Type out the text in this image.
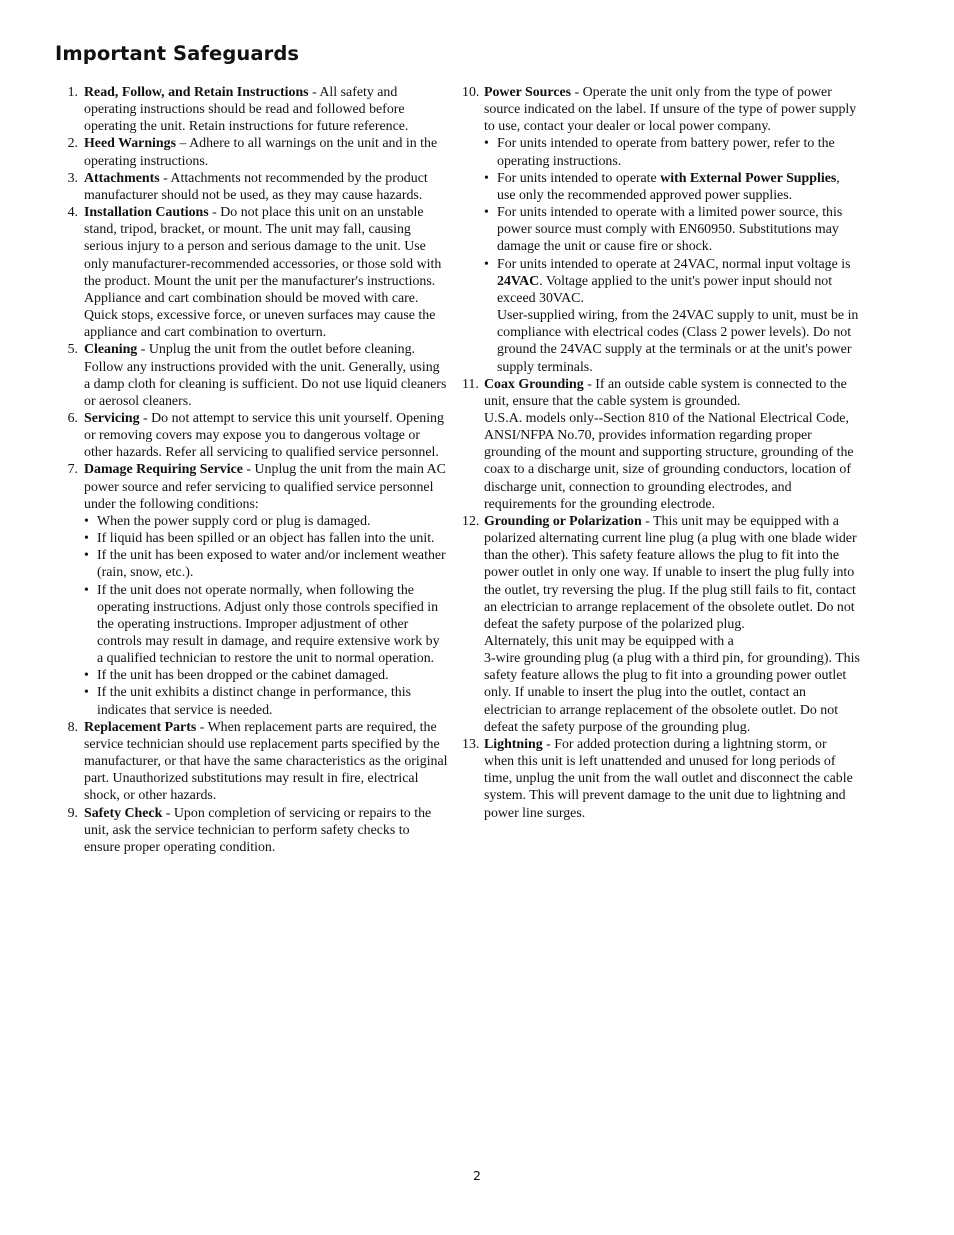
Important Safeguards
1. Read, Follow, and Retain Instructions - All safety and operating instructions should be read and followed before operating the unit. Retain instructions for future reference.
2. Heed Warnings – Adhere to all warnings on the unit and in the operating instructions.
3. Attachments - Attachments not recommended by the product manufacturer should not be used, as they may cause hazards.
4. Installation Cautions - Do not place this unit on an unstable stand, tripod, bracket, or mount. The unit may fall, causing serious injury to a person and serious damage to the unit. Use only manufacturer-recommended accessories, or those sold with the product. Mount the unit per the manufacturer's instructions. Appliance and cart combination should be moved with care. Quick stops, excessive force, or uneven surfaces may cause the appliance and cart combination to overturn.
5. Cleaning - Unplug the unit from the outlet before cleaning. Follow any instructions provided with the unit. Generally, using a damp cloth for cleaning is sufficient. Do not use liquid cleaners or aerosol cleaners.
6. Servicing - Do not attempt to service this unit yourself. Opening or removing covers may expose you to dangerous voltage or other hazards. Refer all servicing to qualified service personnel.
7. Damage Requiring Service - Unplug the unit from the main AC power source and refer servicing to qualified service personnel under the following conditions:
• When the power supply cord or plug is damaged.
• If liquid has been spilled or an object has fallen into the unit.
• If the unit has been exposed to water and/or inclement weather (rain, snow, etc.).
• If the unit does not operate normally, when following the operating instructions. Adjust only those controls specified in the operating instructions. Improper adjustment of other controls may result in damage, and require extensive work by a qualified technician to restore the unit to normal operation.
• If the unit has been dropped or the cabinet damaged.
• If the unit exhibits a distinct change in performance, this indicates that service is needed.
8. Replacement Parts - When replacement parts are required, the service technician should use replacement parts specified by the manufacturer, or that have the same characteristics as the original part. Unauthorized substitutions may result in fire, electrical shock, or other hazards.
9. Safety Check - Upon completion of servicing or repairs to the unit, ask the service technician to perform safety checks to ensure proper operating condition.
10. Power Sources - Operate the unit only from the type of power source indicated on the label. If unsure of the type of power supply to use, contact your dealer or local power company.
• For units intended to operate from battery power, refer to the operating instructions.
• For units intended to operate with External Power Supplies, use only the recommended approved power supplies.
• For units intended to operate with a limited power source, this power source must comply with EN60950. Substitutions may damage the unit or cause fire or shock.
• For units intended to operate at 24VAC, normal input voltage is 24VAC. Voltage applied to the unit's power input should not exceed 30VAC.
User-supplied wiring, from the 24VAC supply to unit, must be in compliance with electrical codes (Class 2 power levels). Do not ground the 24VAC supply at the terminals or at the unit's power supply terminals.
11. Coax Grounding - If an outside cable system is connected to the unit, ensure that the cable system is grounded.
U.S.A. models only--Section 810 of the National Electrical Code, ANSI/NFPA No.70, provides information regarding proper grounding of the mount and supporting structure, grounding of the coax to a discharge unit, size of grounding conductors, location of discharge unit, connection to grounding electrodes, and requirements for the grounding electrode.
12. Grounding or Polarization - This unit may be equipped with a polarized alternating current line plug (a plug with one blade wider than the other). This safety feature allows the plug to fit into the power outlet in only one way. If unable to insert the plug fully into the outlet, try reversing the plug. If the plug still fails to fit, contact an electrician to arrange replacement of the obsolete outlet. Do not defeat the safety purpose of the polarized plug.
Alternately, this unit may be equipped with a
3-wire grounding plug (a plug with a third pin, for grounding). This safety feature allows the plug to fit into a grounding power outlet only. If unable to insert the plug into the outlet, contact an electrician to arrange replacement of the obsolete outlet. Do not defeat the safety purpose of the grounding plug.
13. Lightning - For added protection during a lightning storm, or when this unit is left unattended and unused for long periods of time, unplug the unit from the wall outlet and disconnect the cable system. This will prevent damage to the unit due to lightning and power line surges.
2
